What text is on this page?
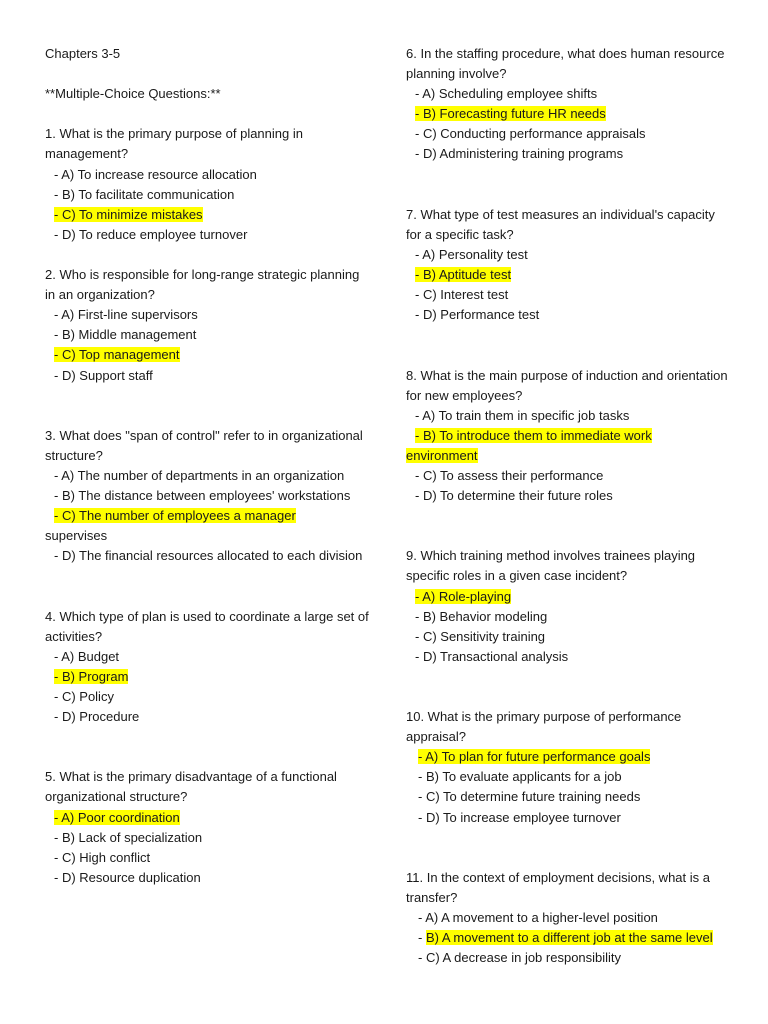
Chapters 3-5

**Multiple-Choice Questions:**

1. What is the primary purpose of planning in management?

- A) To increase resource allocation

- B) To facilitate communication

- C) To minimize mistakes

- D) To reduce employee turnover

2. Who is responsible for long-range strategic planning in an organization?

- A) First-line supervisors

- B) Middle management

- C) Top management

- D) Support staff

3. What does "span of control" refer to in organizational structure?

- A) The number of departments in an organization

- B) The distance between employees' workstations

- C) The number of employees a manager

supervises

- D) The financial resources allocated to each division

4. Which type of plan is used to coordinate a large set of activities?

- A) Budget

- B) Program

- C) Policy

- D) Procedure

5. What is the primary disadvantage of a functional organizational structure?

- A) Poor coordination

- B) Lack of specialization

- C) High conflict

- D) Resource duplication

6. In the staffing procedure, what does human resource planning involve?

- A) Scheduling employee shifts

- B) Forecasting future HR needs

- C) Conducting performance appraisals

- D) Administering training programs

7. What type of test measures an individual's capacity for a specific task?

- A) Personality test

- B) Aptitude test

- C) Interest test

- D) Performance test

8. What is the main purpose of induction and orientation for new employees?

- A) To train them in specific job tasks

- B) To introduce them to immediate work

environment

- C) To assess their performance

- D) To determine their future roles

9. Which training method involves trainees playing specific roles in a given case incident?

- A) Role-playing

- B) Behavior modeling

- C) Sensitivity training

- D) Transactional analysis

10. What is the primary purpose of performance appraisal?

- A) To plan for future performance goals

- B) To evaluate applicants for a job

- C) To determine future training needs

- D) To increase employee turnover

11. In the context of employment decisions, what is a transfer?

- A) A movement to a higher-level position

- B) A movement to a different job at the same level

- C) A decrease in job responsibility
